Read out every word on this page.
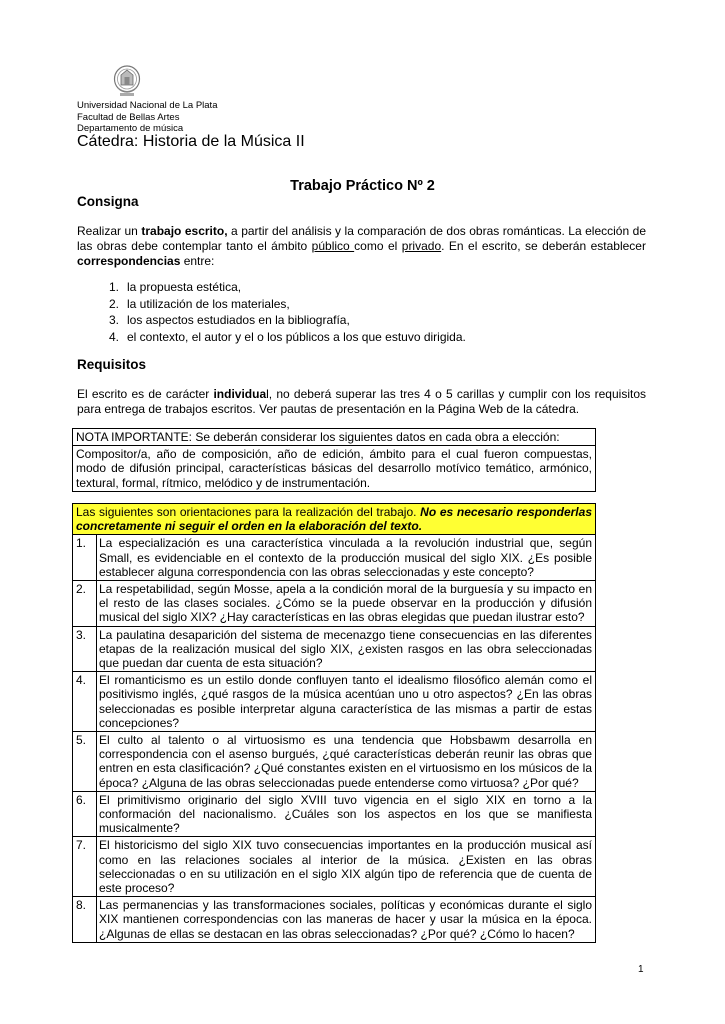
Universidad Nacional de La Plata
Facultad de Bellas Artes
Departamento de música
Cátedra: Historia de la Música II
Trabajo Práctico Nº 2
Consigna
Realizar un trabajo escrito, a partir del análisis y la comparación de dos obras románticas. La elección de las obras debe contemplar tanto el ámbito público como el privado. En el escrito, se deberán establecer correspondencias entre:
1. la propuesta estética,
2. la utilización de los materiales,
3. los aspectos estudiados en la bibliografía,
4. el contexto, el autor y el o los públicos a los que estuvo dirigida.
Requisitos
El escrito es de carácter individual, no deberá superar las tres 4 o 5 carillas y cumplir con los requisitos para entrega de trabajos escritos. Ver pautas de presentación en la Página Web de la cátedra.
NOTA IMPORTANTE: Se deberán considerar los siguientes datos en cada obra a elección:
Compositor/a, año de composición, año de edición, ámbito para el cual fueron compuestas, modo de difusión principal, características básicas del desarrollo motívico temático, armónico, textural, formal, rítmico, melódico y de instrumentación.
Las siguientes son orientaciones para la realización del trabajo. No es necesario responderlas concretamente ni seguir el orden en la elaboración del texto.	
1.	La especialización es una característica vinculada a la revolución industrial que, según Small, es evidenciable en el contexto de la producción musical del siglo XIX. ¿Es posible establecer alguna correspondencia con las obras seleccionadas y este concepto?
2.	La respetabilidad, según Mosse, apela a la condición moral de la burguesía y su impacto en el resto de las clases sociales. ¿Cómo se la puede observar en la producción y difusión musical del siglo XIX? ¿Hay características en las obras elegidas que puedan ilustrar esto?
3.	La paulatina desaparición del sistema de mecenazgo tiene consecuencias en las diferentes etapas de la realización musical del siglo XIX, ¿existen rasgos en las obra seleccionadas que puedan dar cuenta de esta situación?
4.	El romanticismo es un estilo donde confluyen tanto el idealismo filosófico alemán como el positivismo inglés, ¿qué rasgos de la música acentúan uno u otro aspectos? ¿En las obras seleccionadas es posible interpretar alguna característica de las mismas a partir de estas concepciones?
5.	El culto al talento o al virtuosismo es una tendencia que Hobsbawm desarrolla en correspondencia con el asenso burgués, ¿qué características deberán reunir las obras que entren en esta clasificación? ¿Qué constantes existen en el virtuosismo en los músicos de la época? ¿Alguna de las obras seleccionadas puede entenderse como virtuosa? ¿Por qué?
6.	El primitivismo originario del siglo XVIII tuvo vigencia en el siglo XIX en torno a la conformación del nacionalismo. ¿Cuáles son los aspectos en los que se manifiesta musicalmente?
7.	El historicismo del siglo XIX tuvo consecuencias importantes en la producción musical así como en las relaciones sociales al interior de la música. ¿Existen en las obras seleccionadas o en su utilización en el siglo XIX algún tipo de referencia que de cuenta de este proceso?
8.	Las permanencias y las transformaciones sociales, políticas y económicas durante el siglo XIX mantienen correspondencias con las maneras de hacer y usar la música en la época. ¿Algunas de ellas se destacan en las obras seleccionadas? ¿Por qué? ¿Cómo lo hacen?
1
